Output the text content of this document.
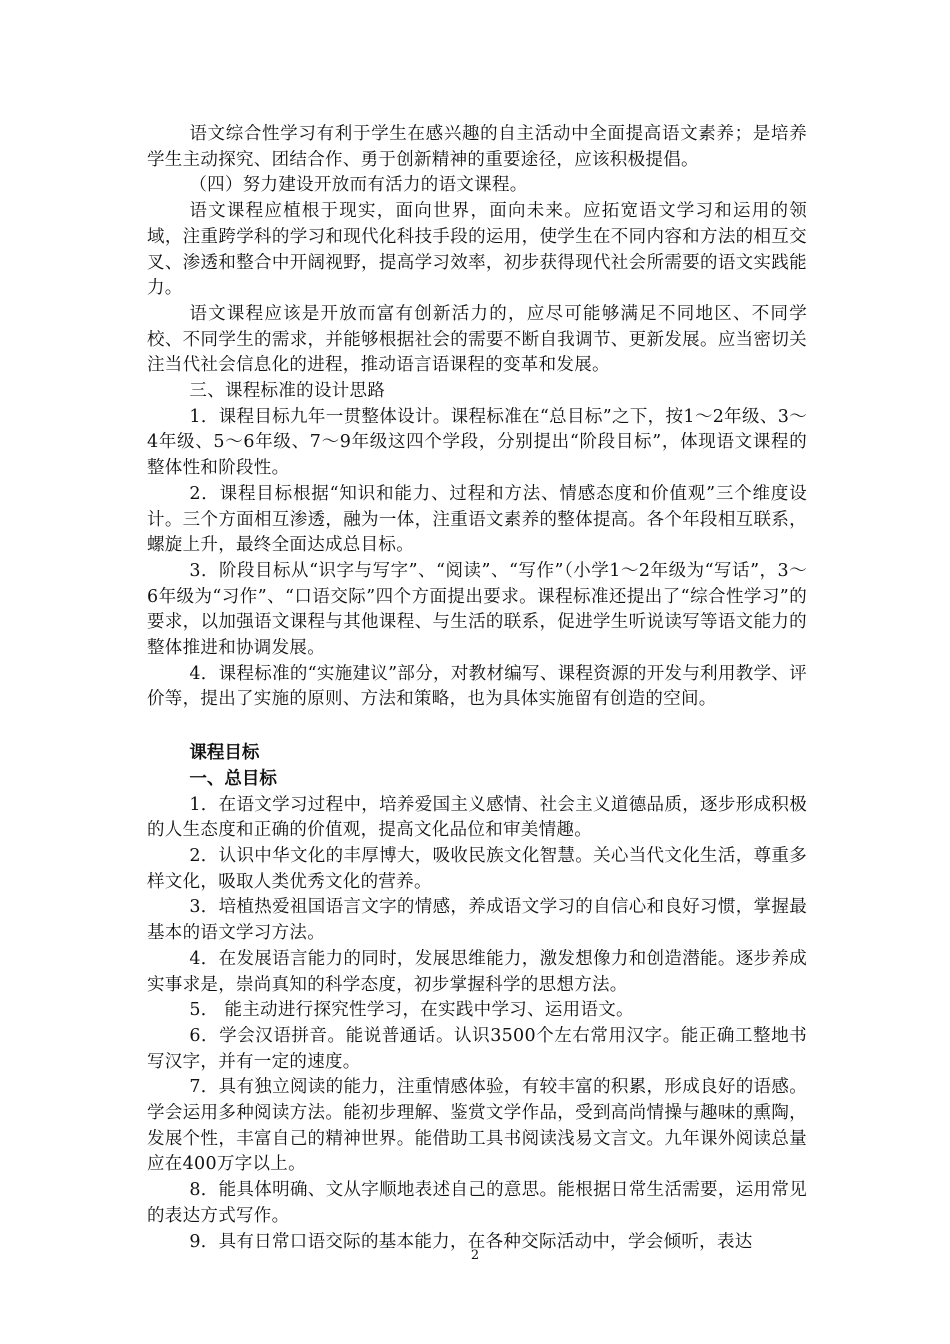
语文综合性学习有利于学生在感兴趣的自主活动中全面提高语文素养；是培养学生主动探究、团结合作、勇于创新精神的重要途径，应该积极提倡。

（四）努力建设开放而有活力的语文课程。

语文课程应植根于现实，面向世界，面向未来。应拓宽语文学习和运用的领域，注重跨学科的学习和现代化科技手段的运用，使学生在不同内容和方法的相互交叉、渗透和整合中开阔视野，提高学习效率，初步获得现代社会所需要的语文实践能力。

语文课程应该是开放而富有创新活力的，应尽可能够满足不同地区、不同学校、不同学生的需求，并能够根据社会的需要不断自我调节、更新发展。应当密切关注当代社会信息化的进程，推动语言语课程的变革和发展。

三、课程标准的设计思路

1．课程目标九年一贯整体设计。课程标准在“总目标”之下，按1～2年级、3～4年级、5～6年级、7～9年级这四个学段，分别提出“阶段目标”，体现语文课程的整体性和阶段性。

2．课程目标根据“知识和能力、过程和方法、情感态度和价值观”三个维度设计。三个方面相互渗透，融为一体，注重语文素养的整体提高。各个年段相互联系，螺旋上升，最终全面达成总目标。

3．阶段目标从“识字与写字”、“阅读”、“写作”（小学1～2年级为“写话”，3～6年级为“习作”、“口语交际”四个方面提出要求。课程标准还提出了“综合性学习”的要求，以加强语文课程与其他课程、与生活的联系，促进学生听说读写等语文能力的整体推进和协调发展。

4．课程标准的“实施建议”部分，对教材编写、课程资源的开发与利用教学、评价等，提出了实施的原则、方法和策略，也为具体实施留有创造的空间。

课程目标

一、总目标

1．在语文学习过程中，培养爱国主义感情、社会主义道德品质，逐步形成积极的人生态度和正确的价值观，提高文化品位和审美情趣。

2．认识中华文化的丰厚博大，吸收民族文化智慧。关心当代文化生活，尊重多样文化，吸取人类优秀文化的营养。

3．培植热爱祖国语言文字的情感，养成语文学习的自信心和良好习惯，掌握最基本的语文学习方法。

4．在发展语言能力的同时，发展思维能力，激发想像力和创造潜能。逐步养成实事求是，崇尚真知的科学态度，初步掌握科学的思想方法。

5． 能主动进行探究性学习，在实践中学习、运用语文。

6．学会汉语拼音。能说普通话。认识3500个左右常用汉字。能正确工整地书写汉字，并有一定的速度。

7．具有独立阅读的能力，注重情感体验，有较丰富的积累，形成良好的语感。学会运用多种阅读方法。能初步理解、鉴赏文学作品，受到高尚情操与趣味的熏陶，发展个性，丰富自己的精神世界。能借助工具书阅读浅易文言文。九年课外阅读总量应在400万字以上。

8．能具体明确、文从字顺地表述自己的意思。能根据日常生活需要，运用常见的表达方式写作。

9．具有日常口语交际的基本能力，在各种交际活动中，学会倾听，表达

2
